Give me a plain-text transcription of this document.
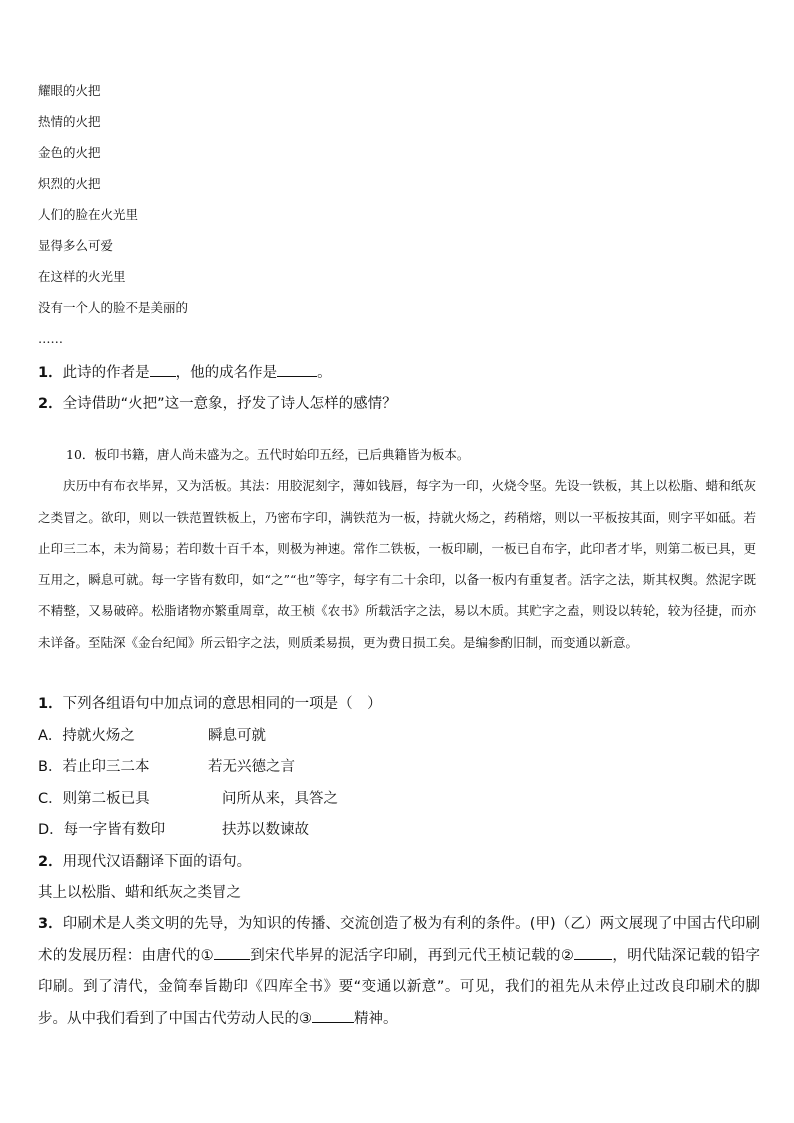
耀眼的火把
热情的火把
金色的火把
炽烈的火把
人们的脸在火光里
显得多么可爱
在这样的火光里
没有一个人的脸不是美丽的
……
1．此诗的作者是 ，他的成名作是	。
2．全诗借助“火把”这一意象，抒发了诗人怎样的感情？

10．板印书籍，唐人尚未盛为之。五代时始印五经，已后典籍皆为板本。

庆历中有布衣毕昇，又为活板。其法：用胶泥刻字，薄如钱唇，每字为一印，火烧令坚。先设一铁板，其上以松脂、蜡和纸灰之类冒之。欲印，则以一铁范置铁板上，乃密布字印，满铁范为一板，持就火炀之，药稍熔，则以一平板按其面，则字平如砥。若止印三二本，未为简易；若印数十百千本，则极为神速。常作二铁板，一板印刷，一板已自布字，此印者才毕，则第二板已具，更互用之，瞬息可就。每一字皆有数印，如“之”“也”等字，每字有二十余印，以备一板内有重复者。活字之法，斯其权舆。然泥字既不精整，又易破碎。松脂诸物亦繁重周章，故王桢《农书》所载活字之法，易以木质。其贮字之盍，则设以转轮，较为径捷，而亦未详备。至陆深《金台纪闻》所云铅字之法，则质柔易损，更为费日损工矣。是编参酌旧制，而变通以新意。

1．下列各组语句中加点词的意思相同的一项是（　）
A．持就火炀之	瞬息可就
B．若止印三二本	若无兴德之言
C．则第二板已具	问所从来，具答之
D．每一字皆有数印	扶苏以数谏故
2．用现代汉语翻译下面的语句。
其上以松脂、蜡和纸灰之类冒之
3．印刷术是人类文明的先导，为知识的传播、交流创造了极为有利的条件。(甲)（乙）两文展现了中国古代印刷术的发展历程：由唐代的① 到宋代毕昇的泥活字印刷，再到元代王桢记载的②	，明代陆深记载的铅字印刷。到了清代，金简奉旨勘印《四库全书》要“变通以新意”。可见，我们的祖先从未停止过改良印刷术的脚步。从中我们看到了中国古代劳动人民的③	精神。
